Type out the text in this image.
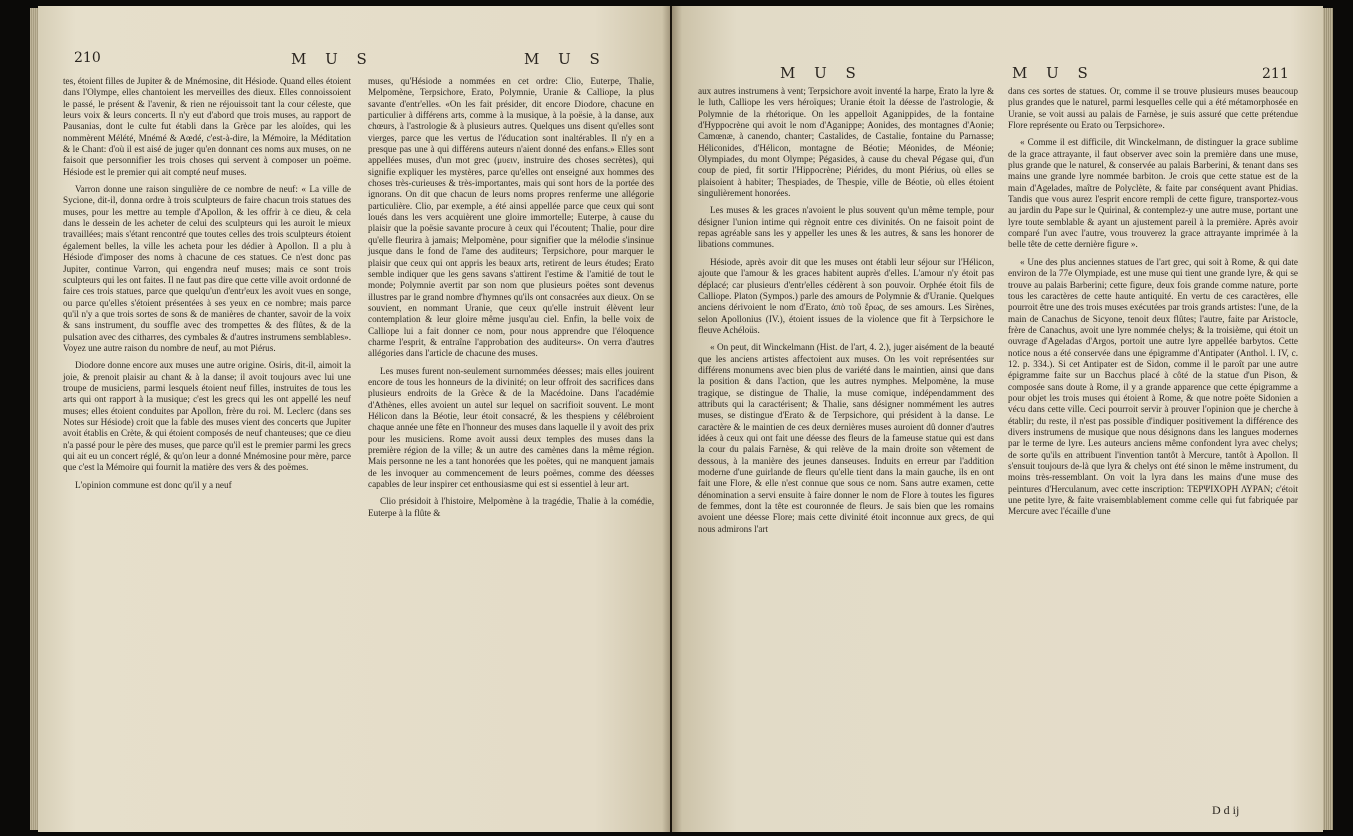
210	M U S	M U S

tes, étoient filles de Jupiter & de Mnémosine, dit Hésiode. Quand elles étoient dans l'Olympe, elles chantoient les merveilles des dieux. Elles connoissoient le passé, le présent & l'avenir, & rien ne réjouissoit tant la cour céleste, que leurs voix & leurs concerts. Il n'y eut d'abord que trois muses, au rapport de Pausanias, dont le culte fut établi dans la Grèce par les aloïdes, qui les nommèrent Mélété, Mnémé & Aœdé, c'est-à-dire, la Mémoire, la Méditation & le Chant: d'où il est aisé de juger qu'en donnant ces noms aux muses, on ne faisoit que personnifier les trois choses qui servent à composer un poëme. Hésiode est le premier qui ait compté neuf muses.

Varron donne une raison singulière de ce nombre de neuf: « La ville de Sycione, dit-il, donna ordre à trois sculpteurs de faire chacun trois statues des muses, pour les mettre au temple d'Apollon, & les offrir à ce dieu, & cela dans le dessein de les acheter de celui des sculpteurs qui les auroit le mieux travaillées; mais s'étant rencontré que toutes celles des trois sculpteurs étoient également belles, la ville les acheta pour les dédier à Apollon. Il a plu à Hésiode d'imposer des noms à chacune de ces statues. Ce n'est donc pas Jupiter, continue Varron, qui engendra neuf muses; mais ce sont trois sculpteurs qui les ont faites. Il ne faut pas dire que cette ville avoit ordonné de faire ces trois statues, parce que quelqu'un d'entr'eux les avoit vues en songe, ou parce qu'elles s'étoient présentées à ses yeux en ce nombre; mais parce qu'il n'y a que trois sortes de sons & de manières de chanter, savoir de la voix & sans instrument, du souffle avec des trompettes & des flûtes, & de la pulsation avec des citharres, des cymbales & d'autres instrumens semblables». Voyez une autre raison du nombre de neuf, au mot Piérus.

Diodore donne encore aux muses une autre origine. Osiris, dit-il, aimoit la joie, & prenoit plaisir au chant & à la danse; il avoit toujours avec lui une troupe de musiciens, parmi lesquels étoient neuf filles, instruites de tous les arts qui ont rapport à la musique; c'est les grecs qui les ont appellé les neuf muses; elles étoient conduites par Apollon, frère du roi. M. Leclerc (dans ses Notes sur Hésiode) croit que la fable des muses vient des concerts que Jupiter avoit établis en Crète, & qui étoient composés de neuf chanteuses; que ce dieu n'a passé pour le père des muses, que parce qu'il est le premier parmi les grecs qui ait eu un concert réglé, & qu'on leur a donné Mnémosine pour mère, parce que c'est la Mémoire qui fournit la matière des vers & des poëmes.

L'opinion commune est donc qu'il y a neuf

muses, qu'Hésiode a nommées en cet ordre: Clio, Euterpe, Thalie, Melpomène, Terpsichore, Erato, Polymnie, Uranie & Calliope, la plus savante d'entr'elles. «On les fait présider, dit encore Diodore, chacune en particulier à différens arts, comme à la musique, à la poësie, à la danse, aux chœurs, à l'astrologie & à plusieurs autres. Quelques uns disent qu'elles sont vierges, parce que les vertus de l'éducation sont inaltérables. Il n'y en a presque pas une à qui différens auteurs n'aient donné des enfans.» Elles sont appellées muses, d'un mot grec (μυειν, instruire des choses secrètes), qui signifie expliquer les mystères, parce qu'elles ont enseigné aux hommes des choses très-curieuses & très-importantes, mais qui sont hors de la portée des ignorans. On dit que chacun de leurs noms propres renferme une allégorie particulière. Clio, par exemple, a été ainsi appellée parce que ceux qui sont loués dans les vers acquièrent une gloire immortelle; Euterpe, à cause du plaisir que la poësie savante procure à ceux qui l'écoutent; Thalie, pour dire qu'elle fleurira à jamais; Melpomène, pour signifier que la mélodie s'insinue jusque dans le fond de l'ame des auditeurs; Terpsichore, pour marquer le plaisir que ceux qui ont appris les beaux arts, retirent de leurs études; Erato semble indiquer que les gens savans s'attirent l'estime & l'amitié de tout le monde; Polymnie avertit par son nom que plusieurs poëtes sont devenus illustres par le grand nombre d'hymnes qu'ils ont consacrées aux dieux. On se souvient, en nommant Uranie, que ceux qu'elle instruit élèvent leur contemplation & leur gloire même jusqu'au ciel. Enfin, la belle voix de Calliope lui a fait donner ce nom, pour nous apprendre que l'éloquence charme l'esprit, & entraîne l'approbation des auditeurs». On verra d'autres allégories dans l'article de chacune des muses.

Les muses furent non-seulement surnommées déesses; mais elles jouirent encore de tous les honneurs de la divinité; on leur offroit des sacrifices dans plusieurs endroits de la Grèce & de la Macédoine. Dans l'académie d'Athènes, elles avoient un autel sur lequel on sacrifioit souvent. Le mont Hélicon dans la Béotie, leur étoit consacré, & les thespiens y célébroient chaque année une fête en l'honneur des muses dans laquelle il y avoit des prix pour les musiciens. Rome avoit aussi deux temples des muses dans la première région de la ville; & un autre des camènes dans la même région. Mais personne ne les a tant honorées que les poëtes, qui ne manquent jamais de les invoquer au commencement de leurs poëmes, comme des déesses capables de leur inspirer cet enthousiasme qui est si essentiel à leur art.

Clio présidoit à l'histoire, Melpomène à la tragédie, Thalie à la comédie, Euterpe à la flûte &

M U S	M U S	211

aux autres instrumens à vent; Terpsichore avoit inventé la harpe, Erato la lyre & le luth, Calliope les vers héroïques; Uranie étoit la déesse de l'astrologie, & Polymnie de la rhétorique. On les appelloit Aganippides, de la fontaine d'Hyppocrène qui avoit le nom d'Aganippe; Aonides, des montagnes d'Aonie; Camœnæ, à canendo, chanter; Castalides, de Castalie, fontaine du Parnasse; Héliconides, d'Hélicon, montagne de Béotie; Méonides, de Méonie; Olympiades, du mont Olympe; Pégasides, à cause du cheval Pégase qui, d'un coup de pied, fit sortir l'Hippocrène; Piérides, du mont Piérius, où elles se plaisoient à habiter; Thespiades, de Thespie, ville de Béotie, où elles étoient singulièrement honorées.

Les muses & les graces n'avoient le plus souvent qu'un même temple, pour désigner l'union intime qui règnoit entre ces divinités. On ne faisoit point de repas agréable sans les y appeller les unes & les autres, & sans les honorer de libations communes.

Hésiode, après avoir dit que les muses ont établi leur séjour sur l'Hélicon, ajoute que l'amour & les graces habitent auprès d'elles. L'amour n'y étoit pas déplacé; car plusieurs d'entr'elles cédèrent à son pouvoir. Orphée étoit fils de Calliope. Platon (Sympos.) parle des amours de Polymnie & d'Uranie. Quelques anciens dérivoient le nom d'Erato, ἀπὸ τοῦ ἔρως, de ses amours. Les Sirènes, selon Apollonius (IV.), étoient issues de la violence que fit à Terpsichore le fleuve Achéloüs.

« On peut, dit Winckelmann (Hist. de l'art, 4. 2.), juger aisément de la beauté que les anciens artistes affectoient aux muses. On les voit représentées sur différens monumens avec bien plus de variété dans le maintien, ainsi que dans la position & dans l'action, que les autres nymphes. Melpomène, la muse tragique, se distingue de Thalie, la muse comique, indépendamment des attributs qui la caractérisent; & Thalie, sans désigner nommément les autres muses, se distingue d'Erato & de Terpsichore, qui président à la danse. Le caractère & le maintien de ces deux dernières muses auroient dû donner d'autres idées à ceux qui ont fait une déesse des fleurs de la fameuse statue qui est dans la cour du palais Farnèse, & qui relève de la main droite son vêtement de dessous, à la manière des jeunes danseuses. Induits en erreur par l'addition moderne d'une guirlande de fleurs qu'elle tient dans la main gauche, ils en ont fait une Flore, & elle n'est connue que sous ce nom. Sans autre examen, cette dénomination a servi ensuite à faire donner le nom de Flore à toutes les figures de femmes, dont la tête est couronnée de fleurs. Je sais bien que les romains avoient une déesse Flore; mais cette divinité étoit inconnue aux grecs, de qui nous admirons l'art

dans ces sortes de statues. Or, comme il se trouve plusieurs muses beaucoup plus grandes que le naturel, parmi lesquelles celle qui a été métamorphosée en Uranie, se voit aussi au palais de Farnèse, je suis assuré que cette prétendue Flore représente ou Erato ou Terpsichore».

« Comme il est difficile, dit Winckelmann, de distinguer la grace sublime de la grace attrayante, il faut observer avec soin la première dans une muse, plus grande que le naturel, & conservée au palais Barberini, & tenant dans ses mains une grande lyre nommée barbiton. Je crois que cette statue est de la main d'Agelades, maître de Polyclète, & faite par conséquent avant Phidias. Tandis que vous aurez l'esprit encore rempli de cette figure, transportez-vous au jardin du Pape sur le Quirinal, & contemplez-y une autre muse, portant une lyre toute semblable & ayant un ajustement pareil à la première. Après avoir comparé l'un avec l'autre, vous trouverez la grace attrayante imprimée à la belle tête de cette dernière figure ».

« Une des plus anciennes statues de l'art grec, qui soit à Rome, & qui date environ de la 77e Olympiade, est une muse qui tient une grande lyre, & qui se trouve au palais Barberini; cette figure, deux fois grande comme nature, porte tous les caractères de cette haute antiquité. En vertu de ces caractères, elle pourroit être une des trois muses exécutées par trois grands artistes: l'une, de la main de Canachus de Sicyone, tenoit deux flûtes; l'autre, faite par Aristocle, frère de Canachus, avoit une lyre nommée chelys; & la troisième, qui étoit un ouvrage d'Ageladas d'Argos, portoit une autre lyre appellée barbytos. Cette notice nous a été conservée dans une épigramme d'Antipater (Anthol. l. IV, c. 12. p. 334.). Si cet Antipater est de Sidon, comme il le paroît par une autre épigramme faite sur un Bacchus placé à côté de la statue d'un Pison, & composée sans doute à Rome, il y a grande apparence que cette épigramme a pour objet les trois muses qui étoient à Rome, & que notre poëte Sidonien a vécu dans cette ville. Ceci pourroit servir à prouver l'opinion que je cherche à établir; du reste, il n'est pas possible d'indiquer positivement la différence des divers instrumens de musique que nous désignons dans les langues modernes par le terme de lyre. Les auteurs anciens même confondent lyra avec chelys; de sorte qu'ils en attribuent l'invention tantôt à Mercure, tantôt à Apollon. Il s'ensuit toujours de-là que lyra & chelys ont été sinon le même instrument, du moins très-ressemblant. On voit la lyra dans les mains d'une muse des peintures d'Herculanum, avec cette inscription: ΤΕΡΨΙΧΟΡΗ ΛΥΡΑΝ; c'étoit une petite lyre, & faite vraisemblablement comme celle qui fut fabriquée par Mercure avec l'écaille d'une

D d ij
